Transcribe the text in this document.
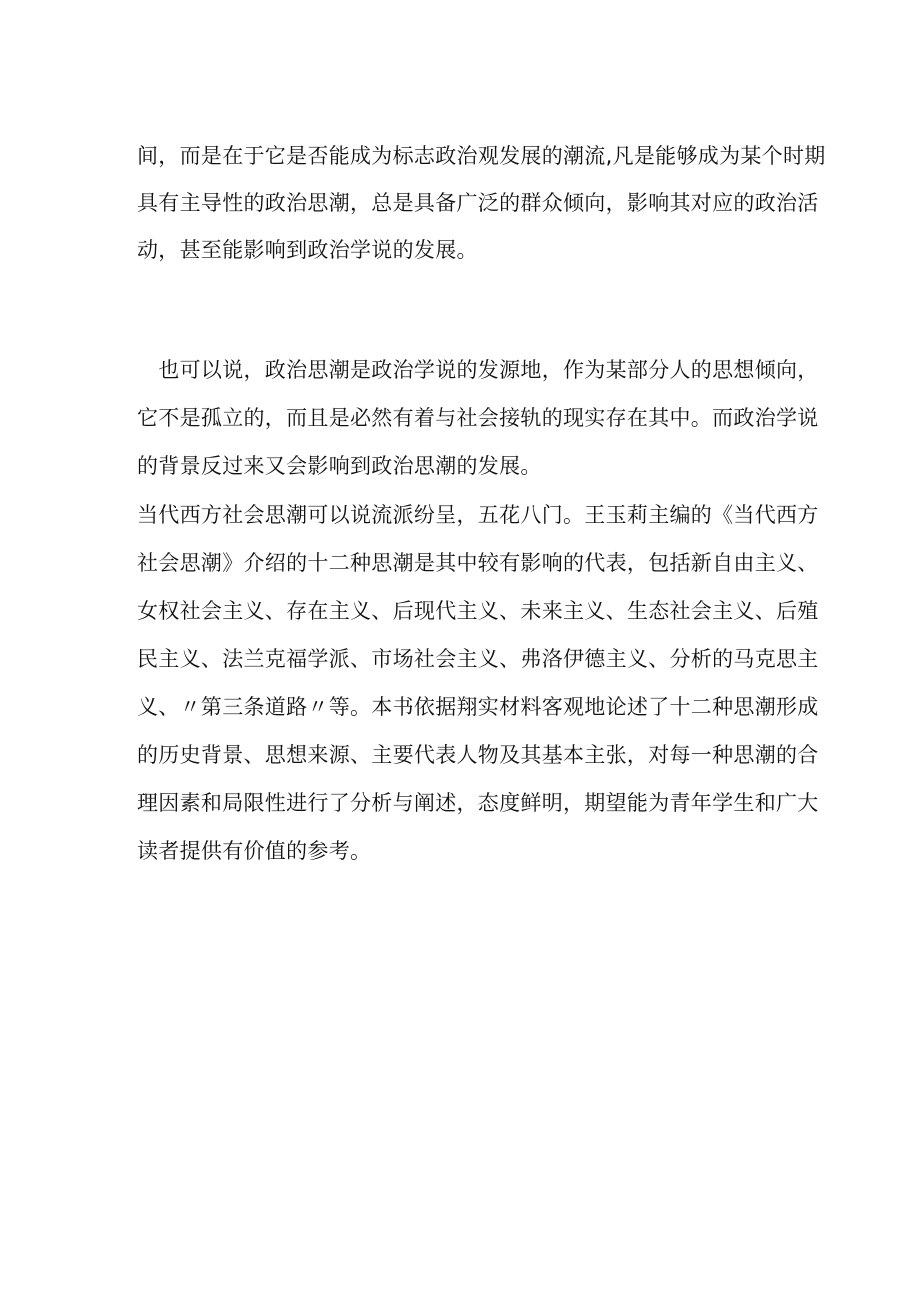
间，而是在于它是否能成为标志政治观发展的潮流,凡是能够成为某个时期
具有主导性的政治思潮，总是具备广泛的群众倾向，影响其对应的政治活
动，甚至能影响到政治学说的发展。
　也可以说，政治思潮是政治学说的发源地，作为某部分人的思想倾向，
它不是孤立的，而且是必然有着与社会接轨的现实存在其中。而政治学说
的背景反过来又会影响到政治思潮的发展。
当代西方社会思潮可以说流派纷呈，五花八门。王玉莉主编的《当代西方
社会思潮》介绍的十二种思潮是其中较有影响的代表，包括新自由主义、
女权社会主义、存在主义、后现代主义、未来主义、生态社会主义、后殖
民主义、法兰克福学派、市场社会主义、弗洛伊德主义、分析的马克思主
义、〃第三条道路〃等。本书依据翔实材料客观地论述了十二种思潮形成
的历史背景、思想来源、主要代表人物及其基本主张，对每一种思潮的合
理因素和局限性进行了分析与阐述，态度鲜明，期望能为青年学生和广大
读者提供有价值的参考。
